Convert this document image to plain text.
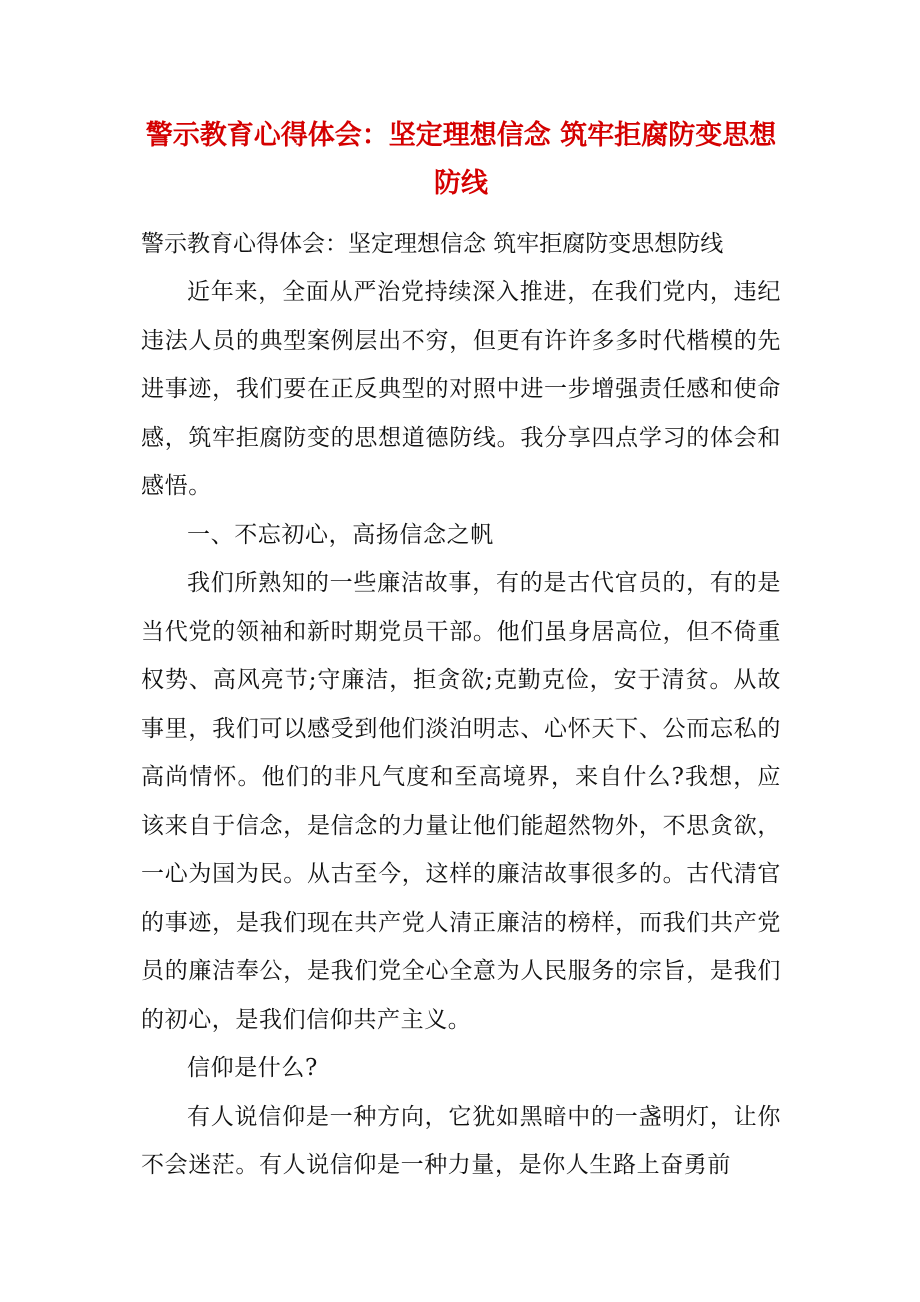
警示教育心得体会：坚定理想信念 筑牢拒腐防变思想防线

警示教育心得体会：坚定理想信念 筑牢拒腐防变思想防线

近年来，全面从严治党持续深入推进，在我们党内，违纪违法人员的典型案例层出不穷，但更有许许多多时代楷模的先进事迹，我们要在正反典型的对照中进一步增强责任感和使命感，筑牢拒腐防变的思想道德防线。我分享四点学习的体会和感悟。

一、不忘初心，高扬信念之帆

我们所熟知的一些廉洁故事，有的是古代官员的，有的是当代党的领袖和新时期党员干部。他们虽身居高位，但不倚重权势、高风亮节;守廉洁，拒贪欲;克勤克俭，安于清贫。从故事里，我们可以感受到他们淡泊明志、心怀天下、公而忘私的高尚情怀。他们的非凡气度和至高境界，来自什么?我想，应该来自于信念，是信念的力量让他们能超然物外，不思贪欲，一心为国为民。从古至今，这样的廉洁故事很多的。古代清官的事迹，是我们现在共产党人清正廉洁的榜样，而我们共产党员的廉洁奉公，是我们党全心全意为人民服务的宗旨，是我们的初心，是我们信仰共产主义。

信仰是什么?

有人说信仰是一种方向，它犹如黑暗中的一盏明灯，让你不会迷茫。有人说信仰是一种力量，是你人生路上奋勇前
